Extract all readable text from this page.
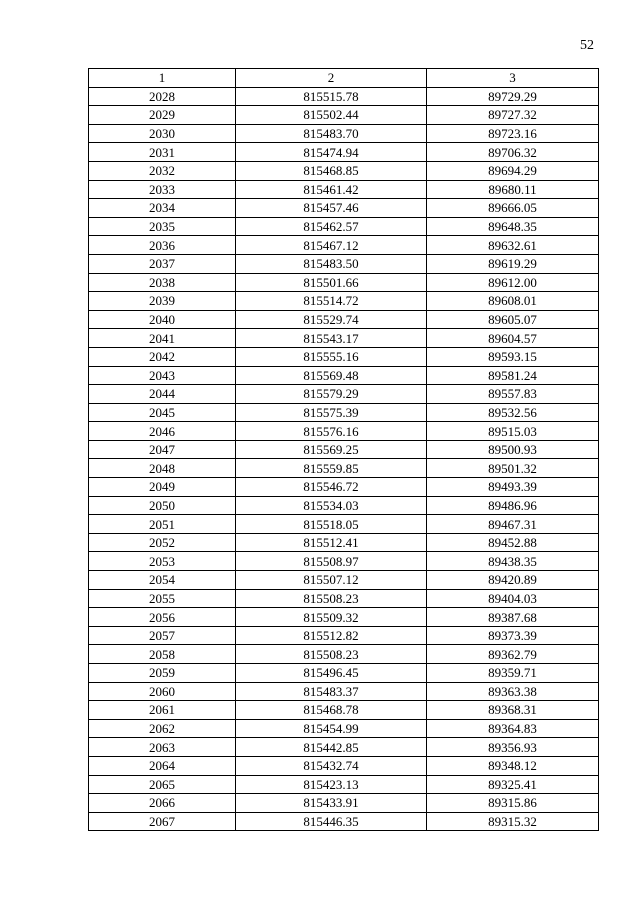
52
1	2	3
2028	815515.78	89729.29
2029	815502.44	89727.32
2030	815483.70	89723.16
2031	815474.94	89706.32
2032	815468.85	89694.29
2033	815461.42	89680.11
2034	815457.46	89666.05
2035	815462.57	89648.35
2036	815467.12	89632.61
2037	815483.50	89619.29
2038	815501.66	89612.00
2039	815514.72	89608.01
2040	815529.74	89605.07
2041	815543.17	89604.57
2042	815555.16	89593.15
2043	815569.48	89581.24
2044	815579.29	89557.83
2045	815575.39	89532.56
2046	815576.16	89515.03
2047	815569.25	89500.93
2048	815559.85	89501.32
2049	815546.72	89493.39
2050	815534.03	89486.96
2051	815518.05	89467.31
2052	815512.41	89452.88
2053	815508.97	89438.35
2054	815507.12	89420.89
2055	815508.23	89404.03
2056	815509.32	89387.68
2057	815512.82	89373.39
2058	815508.23	89362.79
2059	815496.45	89359.71
2060	815483.37	89363.38
2061	815468.78	89368.31
2062	815454.99	89364.83
2063	815442.85	89356.93
2064	815432.74	89348.12
2065	815423.13	89325.41
2066	815433.91	89315.86
2067	815446.35	89315.32
